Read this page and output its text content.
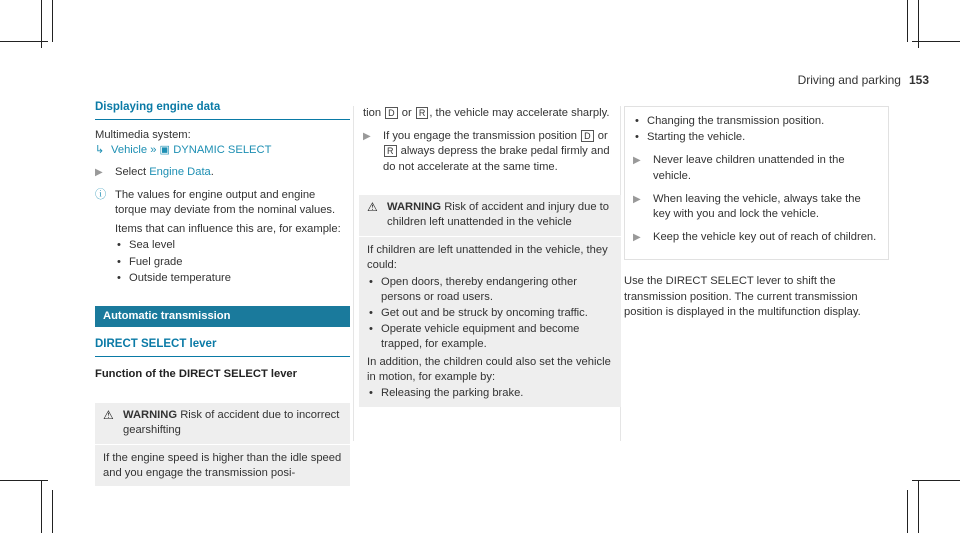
Driving and parking 153
Displaying engine data
Multimedia system:
↳ Vehicle » ▣ DYNAMIC SELECT
▶	Select Engine Data.
ⓘ The values for engine output and engine torque may deviate from the nominal values.
Items that can influence this are, for example:
• Sea level
• Fuel grade
• Outside temperature
Automatic transmission
DIRECT SELECT lever
Function of the DIRECT SELECT lever
⚠ WARNING Risk of accident due to incorrect gearshifting
If the engine speed is higher than the idle speed and you engage the transmission posi-
tion D or R , the vehicle may accelerate sharply.
▶	If you engage the transmission position D or R always depress the brake pedal firmly and do not accelerate at the same time.
⚠ WARNING Risk of accident and injury due to children left unattended in the vehicle
If children are left unattended in the vehicle, they could:
• Open doors, thereby endangering other persons or road users.
• Get out and be struck by oncoming traffic.
• Operate vehicle equipment and become trapped, for example.
In addition, the children could also set the vehicle in motion, for example by:
• Releasing the parking brake.
• Changing the transmission position.
• Starting the vehicle.
▶	Never leave children unattended in the vehicle.
▶	When leaving the vehicle, always take the key with you and lock the vehicle.
▶	Keep the vehicle key out of reach of children.
Use the DIRECT SELECT lever to shift the transmission position. The current transmission position is displayed in the multifunction display.
